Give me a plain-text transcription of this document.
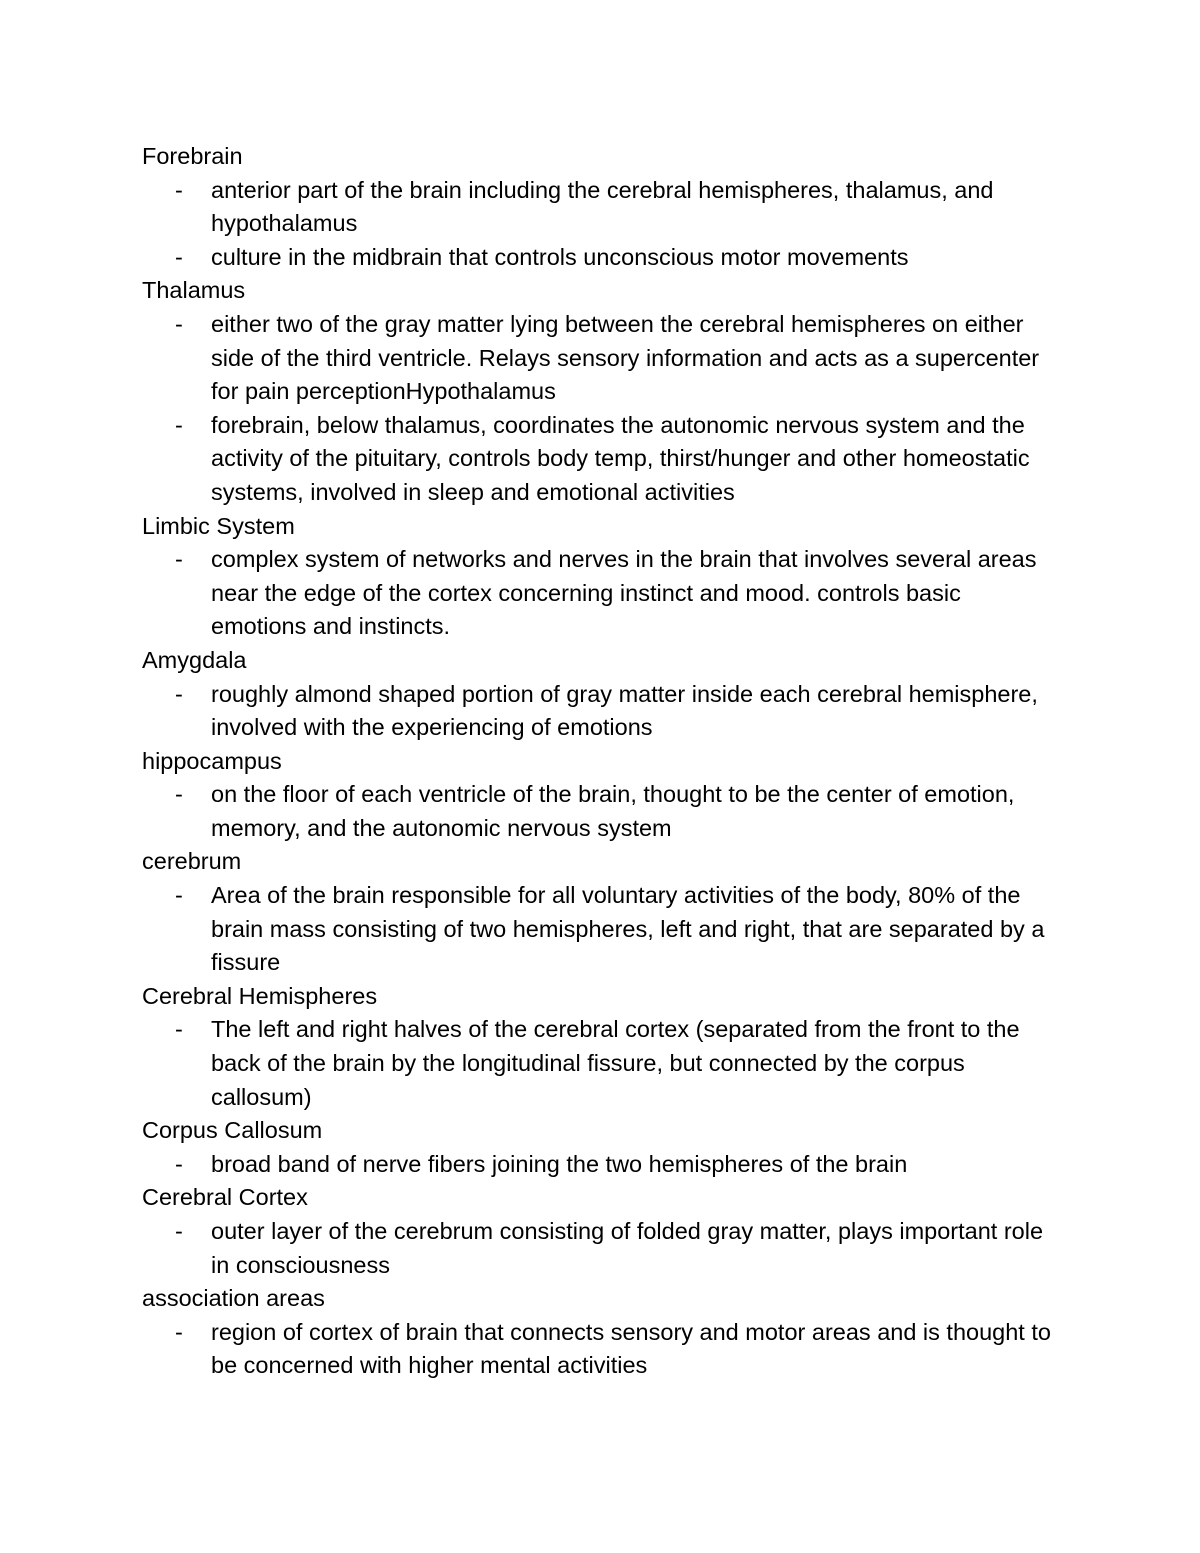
Forebrain

- anterior part of the brain including the cerebral hemispheres, thalamus, and hypothalamus
- culture in the midbrain that controls unconscious motor movements

Thalamus

- either two of the gray matter lying between the cerebral hemispheres on either side of the third ventricle. Relays sensory information and acts as a supercenter for pain perceptionHypothalamus
- forebrain, below thalamus, coordinates the autonomic nervous system and the activity of the pituitary, controls body temp, thirst/hunger and other homeostatic systems, involved in sleep and emotional activities

Limbic System

- complex system of networks and nerves in the brain that involves several areas near the edge of the cortex concerning instinct and mood. controls basic emotions and instincts.

Amygdala

- roughly almond shaped portion of gray matter inside each cerebral hemisphere, involved with the experiencing of emotions

hippocampus

- on the floor of each ventricle of the brain, thought to be the center of emotion, memory, and the autonomic nervous system

cerebrum

- Area of the brain responsible for all voluntary activities of the body, 80% of the brain mass consisting of two hemispheres, left and right, that are separated by a fissure

Cerebral Hemispheres

- The left and right halves of the cerebral cortex (separated from the front to the back of the brain by the longitudinal fissure, but connected by the corpus callosum)

Corpus Callosum

- broad band of nerve fibers joining the two hemispheres of the brain

Cerebral Cortex

- outer layer of the cerebrum consisting of folded gray matter, plays important role in consciousness

association areas

- region of cortex of brain that connects sensory and motor areas and is thought to be concerned with higher mental activities
